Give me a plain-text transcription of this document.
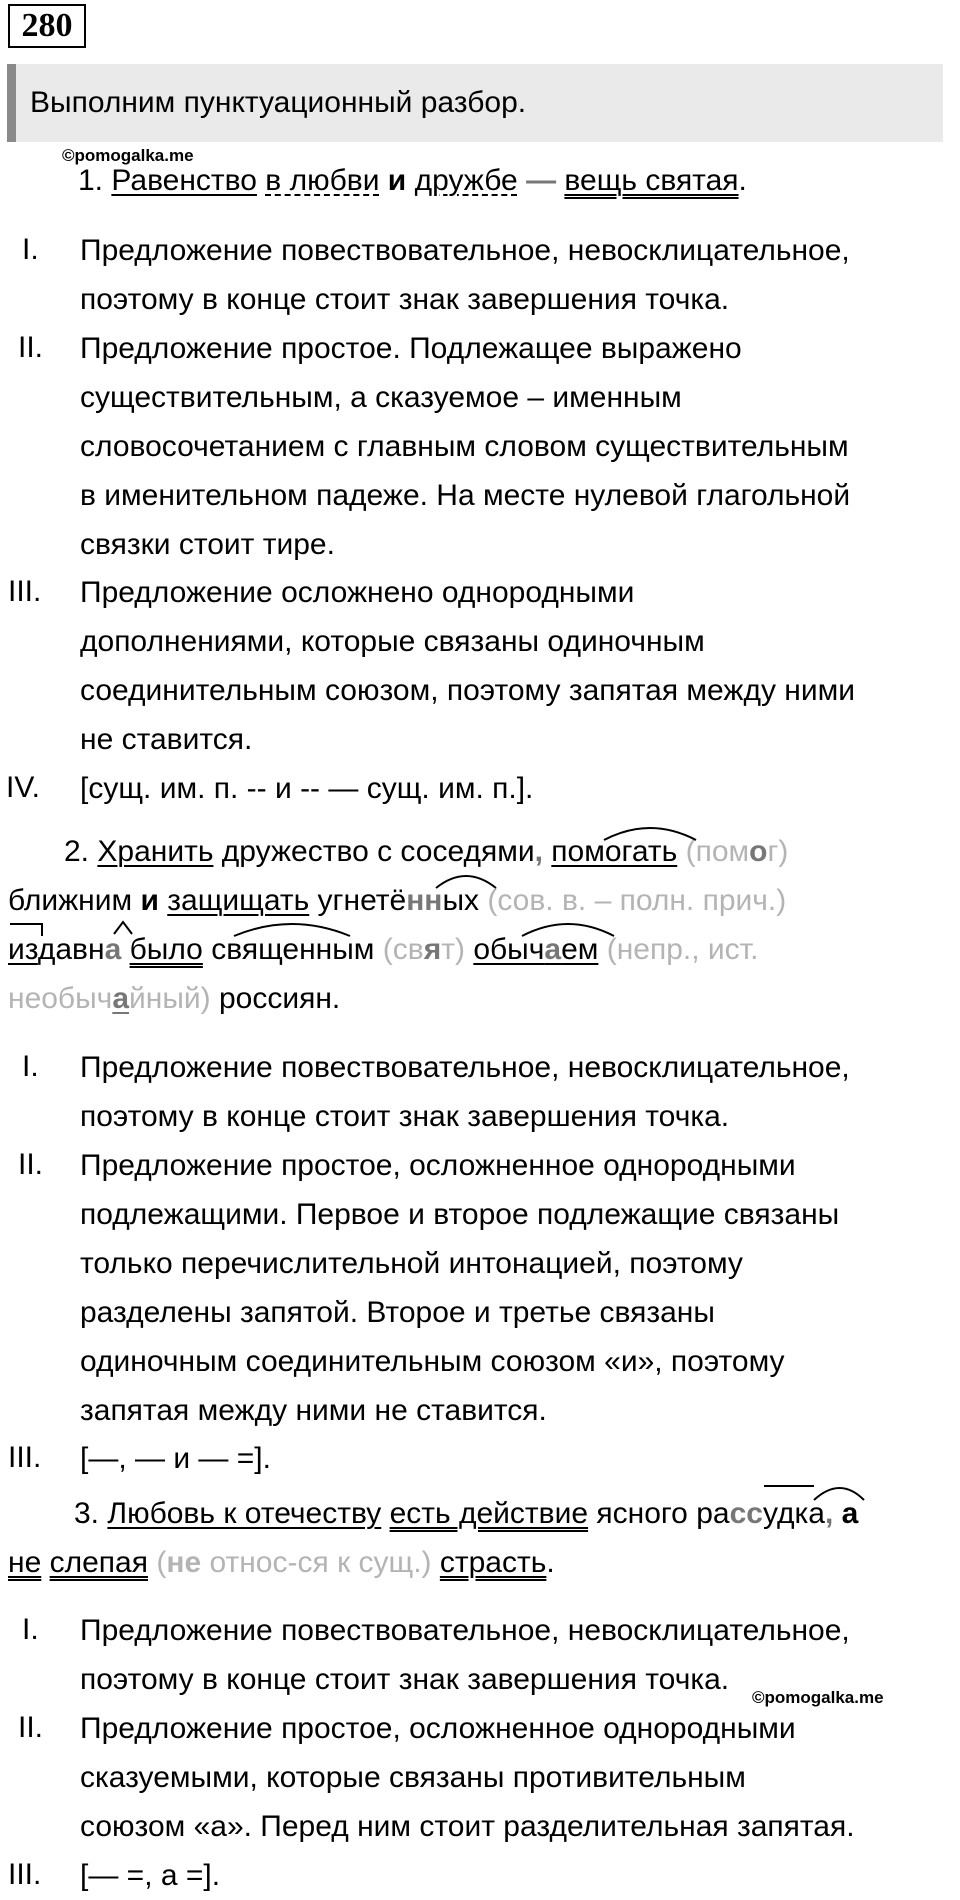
280
Выполним пунктуационный разбор.
©pomogalka.me
1. Равенство в любви и дружбе — вещь святая.
I. Предложение повествовательное, невосклицательное,
поэтому в конце стоит знак завершения точка.
II. Предложение простое. Подлежащее выражено
существительным, а сказуемое – именным
словосочетанием с главным словом существительным
в именительном падеже. На месте нулевой глагольной
связки стоит тире.
III. Предложение осложнено однородными
дополнениями, которые связаны одиночным
соединительным союзом, поэтому запятая между ними
не ставится.
IV. [сущ. им. п. -- и -- — сущ. им. п.].
2. Хранить дружество с соседями, помогать (помог)
ближним и защищать угнетённых (сов. в. – полн. прич.)
издавна было священным (свят) обычаем (непр., ист.
необычайный) россиян.
I. Предложение повествовательное, невосклицательное,
поэтому в конце стоит знак завершения точка.
II. Предложение простое, осложненное однородными
подлежащими. Первое и второе подлежащие связаны
только перечислительной интонацией, поэтому
разделены запятой. Второе и третье связаны
одиночным соединительным союзом «и», поэтому
запятая между ними не ставится.
III. [—, — и — =].
3. Любовь к отечеству есть действие ясного рассудка, а
не слепая (не относ-ся к сущ.) страсть.
©pomogalka.me
I. Предложение повествовательное, невосклицательное,
поэтому в конце стоит знак завершения точка.
II. Предложение простое, осложненное однородными
сказуемыми, которые связаны противительным
союзом «а». Перед ним стоит разделительная запятая.
III. [— =, а =].
